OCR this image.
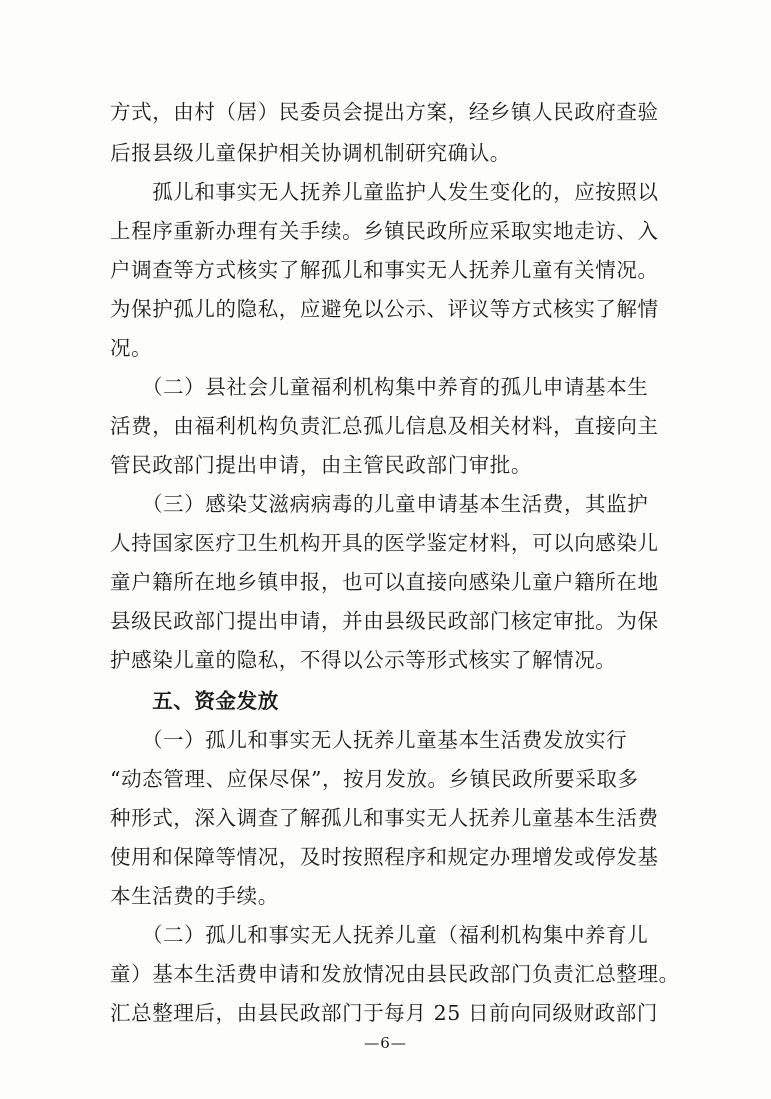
方式，由村（居）民委员会提出方案，经乡镇人民政府查验
后报县级儿童保护相关协调机制研究确认。
　　孤儿和事实无人抚养儿童监护人发生变化的，应按照以
上程序重新办理有关手续。乡镇民政所应采取实地走访、入
户调查等方式核实了解孤儿和事实无人抚养儿童有关情况。
为保护孤儿的隐私，应避免以公示、评议等方式核实了解情
况。
　　（二）县社会儿童福利机构集中养育的孤儿申请基本生
活费，由福利机构负责汇总孤儿信息及相关材料，直接向主
管民政部门提出申请，由主管民政部门审批。
　　（三）感染艾滋病病毒的儿童申请基本生活费，其监护
人持国家医疗卫生机构开具的医学鉴定材料，可以向感染儿
童户籍所在地乡镇申报，也可以直接向感染儿童户籍所在地
县级民政部门提出申请，并由县级民政部门核定审批。为保
护感染儿童的隐私，不得以公示等形式核实了解情况。
　　五、资金发放
　　（一）孤儿和事实无人抚养儿童基本生活费发放实行
“动态管理、应保尽保”，按月发放。乡镇民政所要采取多
种形式，深入调查了解孤儿和事实无人抚养儿童基本生活费
使用和保障等情况，及时按照程序和规定办理增发或停发基
本生活费的手续。
　　（二）孤儿和事实无人抚养儿童（福利机构集中养育儿
童）基本生活费申请和发放情况由县民政部门负责汇总整理。
汇总整理后，由县民政部门于每月 25 日前向同级财政部门
—6—
